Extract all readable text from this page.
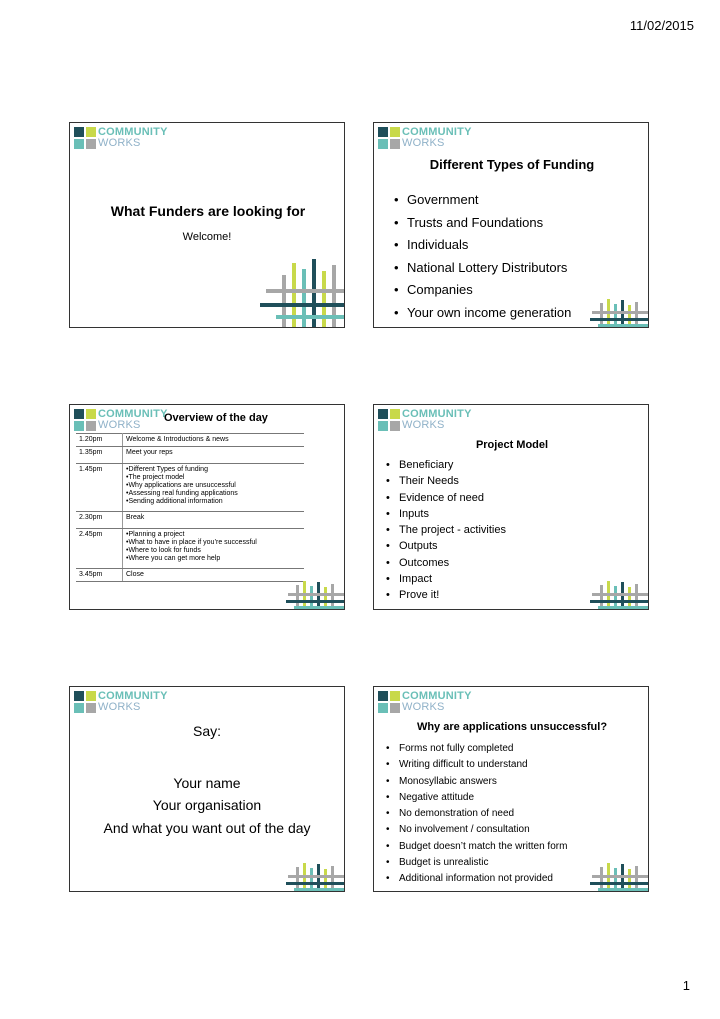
11/02/2015
COMMUNITY
WORKS
What Funders are looking for
Welcome!
COMMUNITY
WORKS
Different Types of Funding
• Government
• Trusts and Foundations
• Individuals
• National Lottery Distributors
• Companies
• Your own income generation
COMMUNITY
WORKS
Overview of the day
1.20pm	Welcome & Introductions & news

1.35pm	Meet your reps

1.45pm	•Different Types of funding
•The project model
•Why applications are unsuccessful
•Assessing real funding applications
•Sending additional information

2.30pm	Break

2.45pm	•Planning a project
•What to have in place if you’re successful
•Where to look for funds
•Where you can get more help

3.45pm	Close
COMMUNITY
WORKS
Project Model
• Beneficiary
• Their Needs
• Evidence of need
• Inputs
• The project - activities
• Outputs
• Outcomes
• Impact
• Prove it!
COMMUNITY
WORKS
Say:
Your name
Your organisation
And what you want out of the day
COMMUNITY
WORKS
Why are applications unsuccessful?
• Forms not fully completed
• Writing difficult to understand
• Monosyllabic answers
• Negative attitude
• No demonstration of need
• No involvement / consultation
• Budget doesn’t match the written form
• Budget is unrealistic
• Additional information not provided
1
